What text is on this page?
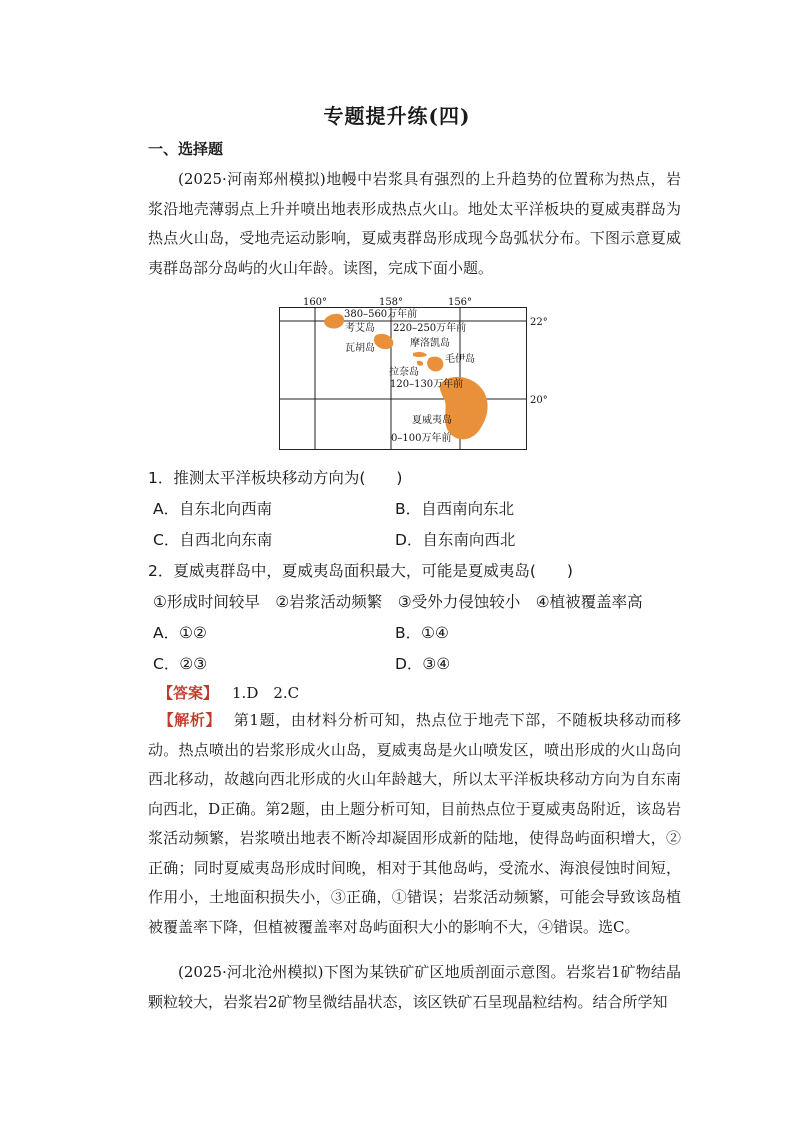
专题提升练(四)
一、选择题

(2025·河南郑州模拟)地幔中岩浆具有强烈的上升趋势的位置称为热点，岩浆沿地壳薄弱点上升并喷出地表形成热点火山。地处太平洋板块的夏威夷群岛为热点火山岛，受地壳运动影响，夏威夷群岛形成现今岛弧状分布。下图示意夏威夷群岛部分岛屿的火山年龄。读图，完成下面小题。

160°	158°	156°
22°
20°
380–560万年前
考艾岛
瓦胡岛
220–250万年前
摩洛凯岛
毛伊岛
拉奈岛
120–130万年前
夏威夷岛
0–100万年前
1．推测太平洋板块移动方向为(　　)
A．自东北向西南	B．自西南向东北
C．自西北向东南	D．自东南向西北
2．夏威夷群岛中，夏威夷岛面积最大，可能是夏威夷岛(　　)
①形成时间较早　②岩浆活动频繁　③受外力侵蚀较小　④植被覆盖率高
A．①②	B．①④
C．②③	D．③④
【答案】 1.D　2.C

【解析】 第1题，由材料分析可知，热点位于地壳下部，不随板块移动而移动。热点喷出的岩浆形成火山岛，夏威夷岛是火山喷发区，喷出形成的火山岛向西北移动，故越向西北形成的火山年龄越大，所以太平洋板块移动方向为自东南向西北，D正确。第2题，由上题分析可知，目前热点位于夏威夷岛附近，该岛岩浆活动频繁，岩浆喷出地表不断冷却凝固形成新的陆地，使得岛屿面积增大，②正确；同时夏威夷岛形成时间晚，相对于其他岛屿，受流水、海浪侵蚀时间短，作用小，土地面积损失小，③正确，①错误；岩浆活动频繁，可能会导致该岛植被覆盖率下降，但植被覆盖率对岛屿面积大小的影响不大，④错误。选C。

(2025·河北沧州模拟)下图为某铁矿矿区地质剖面示意图。岩浆岩1矿物结晶颗粒较大，岩浆岩2矿物呈微结晶状态，该区铁矿石呈现晶粒结构。结合所学知
